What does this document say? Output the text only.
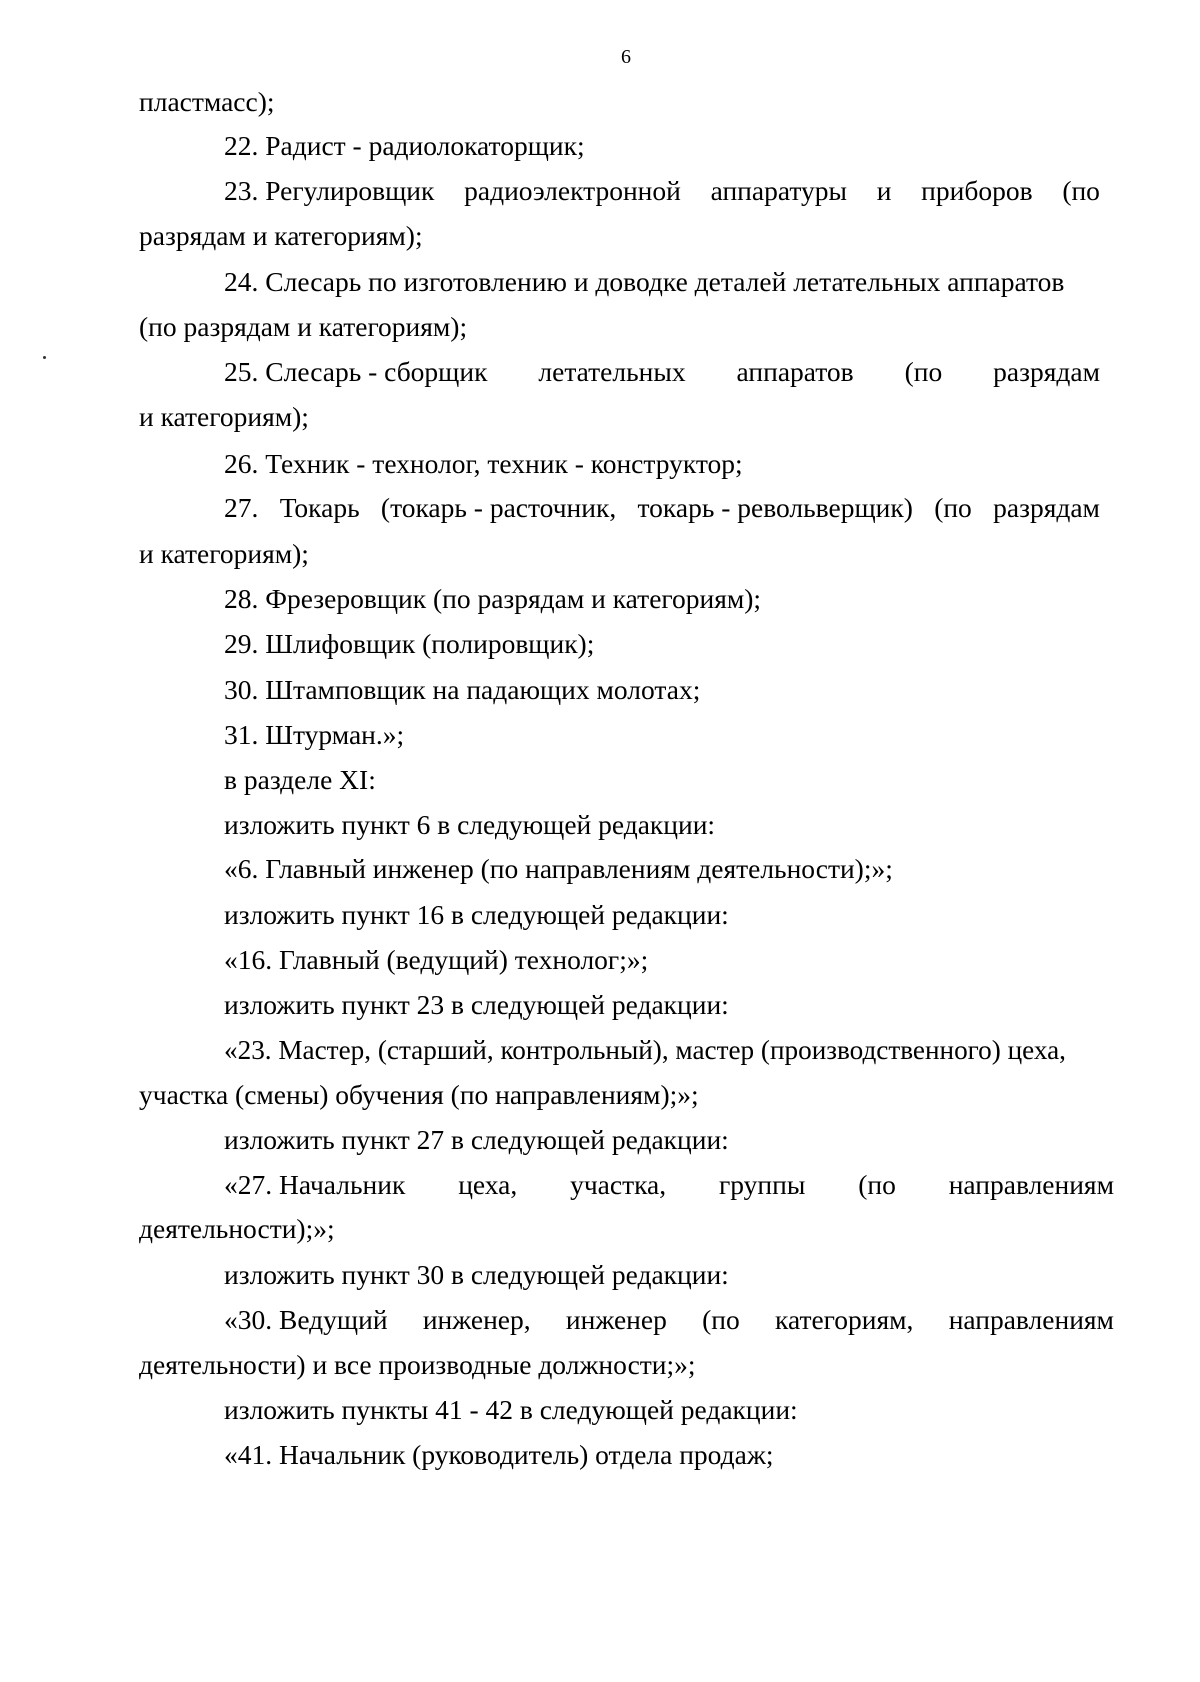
6
пластмасс);
22. Радист - радиолокаторщик;
23. Регулировщик радиоэлектронной аппаратуры и приборов (по
разрядам и категориям);
24. Слесарь по изготовлению и доводке деталей летательных аппаратов
(по разрядам и категориям);
25. Слесарь - сборщик летательных аппаратов (по разрядам
и категориям);
26. Техник - технолог, техник - конструктор;
27. Токарь (токарь - расточник, токарь - револьверщик) (по разрядам
и категориям);
28. Фрезеровщик (по разрядам и категориям);
29. Шлифовщик (полировщик);
30. Штамповщик на падающих молотах;
31. Штурман.»;
в разделе XI:
изложить пункт 6 в следующей редакции:
«6. Главный инженер (по направлениям деятельности);»;
изложить пункт 16 в следующей редакции:
«16. Главный (ведущий) технолог;»;
изложить пункт 23 в следующей редакции:
«23. Мастер, (старший, контрольный), мастер (производственного) цеха,
участка (смены) обучения (по направлениям);»;
изложить пункт 27 в следующей редакции:
«27. Начальник цеха, участка, группы (по направлениям
деятельности);»;
изложить пункт 30 в следующей редакции:
«30. Ведущий инженер, инженер (по категориям, направлениям
деятельности) и все производные должности;»;
изложить пункты 41 - 42 в следующей редакции:
«41. Начальник (руководитель) отдела продаж;
